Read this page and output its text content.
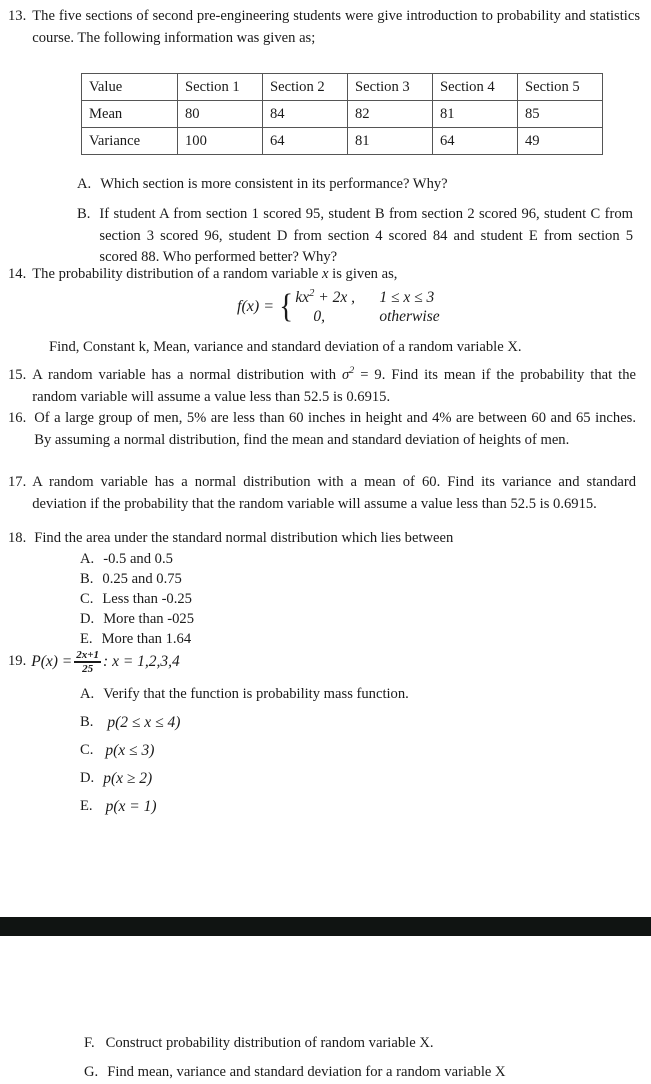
13. The five sections of second pre-engineering students were give introduction to probability and statistics course. The following information was given as;
Value	Section 1	Section 2	Section 3	Section 4	Section 5
Mean	80	84	82	81	85
Variance	100	64	81	64	49
A. Which section is more consistent in its performance? Why?
B. If student A from section 1 scored 95, student B from section 2 scored 96, student C from section 3 scored 96, student D from section 4 scored 84 and student E from section 5 scored 88. Who performed better? Why?
14. The probability distribution of a random variable x is given as,
f(x) = { $kx^2 + 2x$ ,	1 ≤ x ≤ 3
0,	otherwise
Find, Constant k, Mean, variance and standard deviation of a random variable X.
15. A random variable has a normal distribution with $\sigma^2 = 9$. Find its mean if the probability that the random variable will assume a value less than 52.5 is 0.6915.
16. Of a large group of men, 5% are less than 60 inches in height and 4% are between 60 and 65 inches. By assuming a normal distribution, find the mean and standard deviation of heights of men.
17. A random variable has a normal distribution with a mean of 60. Find its variance and standard deviation if the probability that the random variable will assume a value less than 52.5 is 0.6915.
18. Find the area under the standard normal distribution which lies between
A. -0.5 and 0.5
B. 0.25 and 0.75
C. Less than -0.25
D. More than -025
E. More than 1.64
19. $P(x) = \frac{2x+1}{25}$ : x = 1,2,3,4
A. Verify that the function is probability mass function.
B. p(2 ≤ x ≤ 4)
C. p(x ≤ 3)
D. p(x ≥ 2)
E. p(x = 1)
F. Construct probability distribution of random variable X.
G. Find mean, variance and standard deviation for a random variable X
